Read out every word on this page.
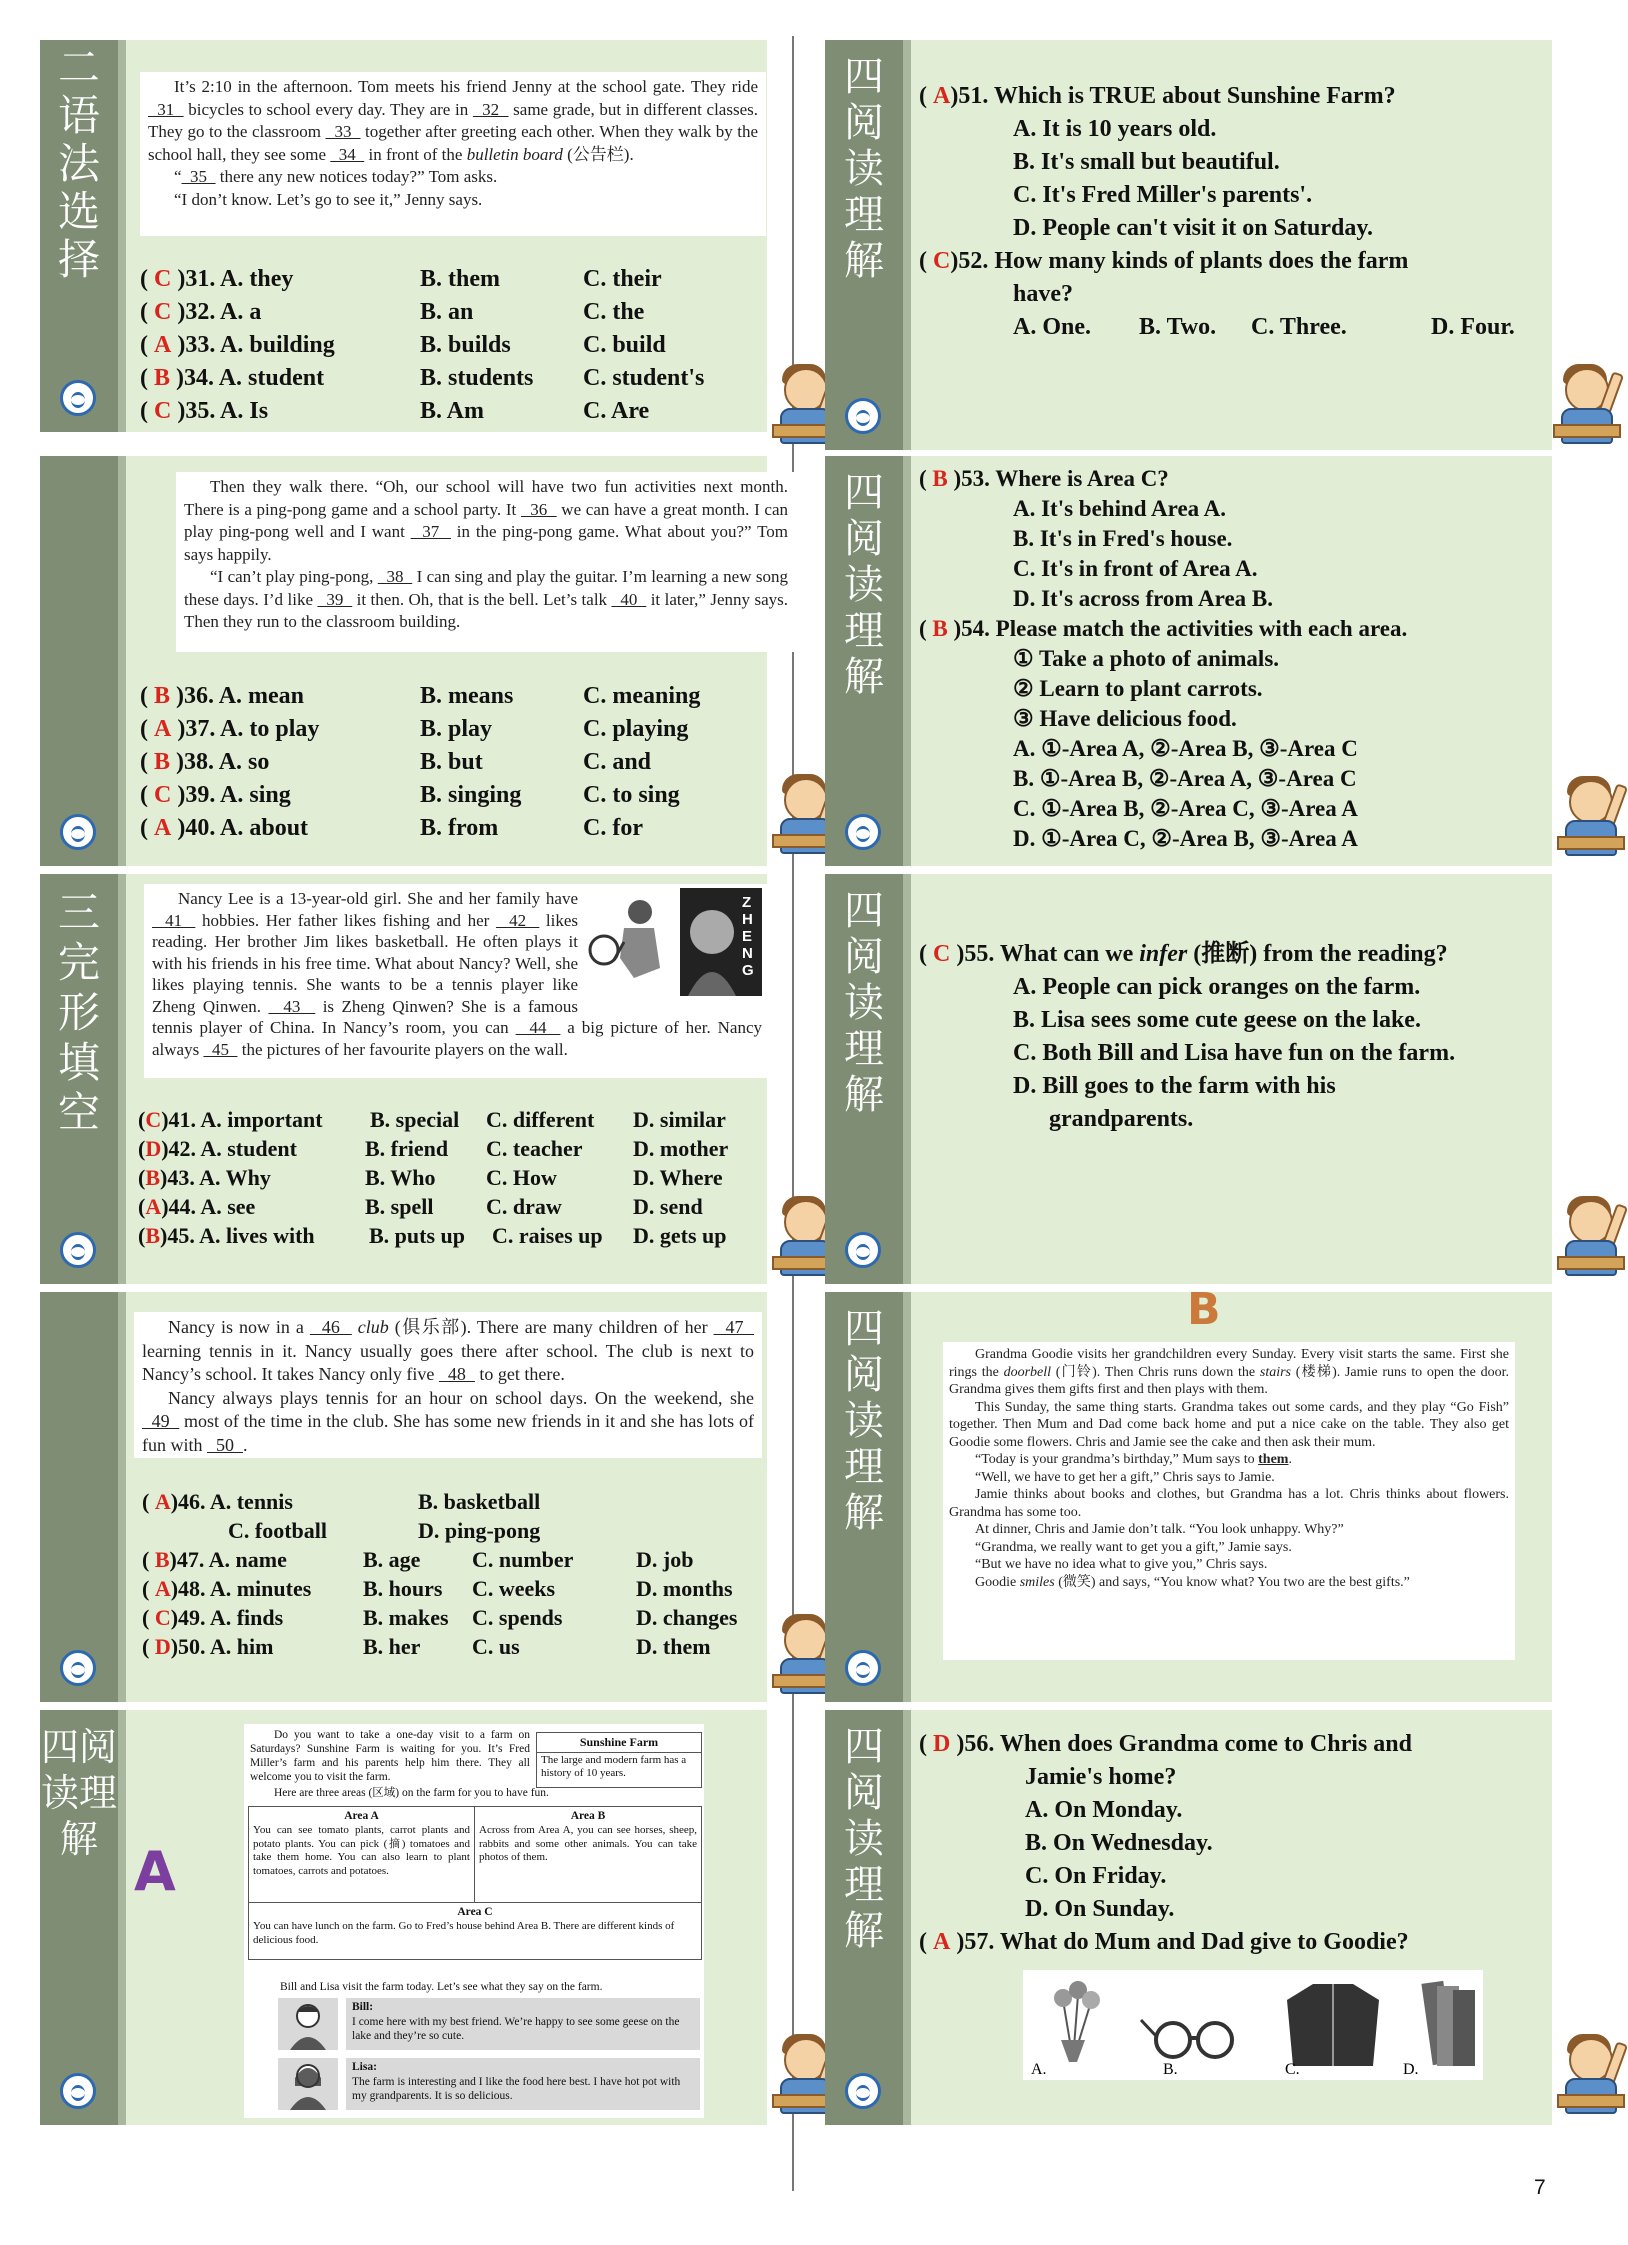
二语法选择

It’s 2:10 in the afternoon. Tom meets his friend Jenny at the school gate. They ride   31   bicycles to school every day. They are in   32   same grade, but in different classes. They go to the classroom   33   together after greeting each other. When they walk by the school hall, they see some   34   in front of the bulletin board (公告栏).

“  35   there any new notices today?” Tom asks.

“I don’t know. Let’s go to see it,” Jenny says.

( C )31. A. they	B. them	C. their
( C )32. A. a	B. an	C. the
( A )33. A. building	B. builds	C. build
( B )34. A. student	B. students C. student's
( C )35. A. Is	B. Am	C. Are

Then they walk there. “Oh, our school will have two fun activities next month. There is a ping-pong game and a school party. It   36   we can have a great month. I can play ping-pong well and I want   37   in the ping-pong game. What about you?” Tom says happily.

“I can’t play ping-pong,   38   I can sing and play the guitar. I’m learning a new song these days. I’d like   39   it then. Oh, that is the bell. Let’s talk   40   it later,” Jenny says. Then they run to the classroom building.

( B )36. A. mean	B. means	C. meaning
( A )37. A. to play	B. play	C. playing
( B )38. A. so	B. but	C. and
( C )39. A. sing	B. singing	C. to sing
( A )40. A. about	B. from	C. for
三完形填空
ZHENG

Nancy Lee is a 13-year-old girl. She and her family have   41   hobbies. Her father likes fishing and her   42   likes reading. Her brother Jim likes basketball. He often plays it with his friends in his free time. What about Nancy? Well, she likes playing tennis. She wants to be a tennis player like Zheng Qinwen.   43   is Zheng Qinwen? She is a famous tennis player of China. In Nancy’s room, you can   44   a big picture of her. Nancy always   45   the pictures of her favourite players on the wall.

(C)41. A. important B. special C. different D. similar
(D)42. A. student	B. friend C. teacher D. mother
(B)43. A. Why	B. Who C. How	D. Where
(A)44. A. see	B. spell C. draw	D. send
(B)45. A. lives with B. puts up C. raises up D. gets up

Nancy is now in a   46   club (俱乐部). There are many children of her   47   learning tennis in it. Nancy usually goes there after school. The club is next to Nancy’s school. It takes Nancy only five   48   to get there.

Nancy always plays tennis for an hour on school days. On the weekend, she   49   most of the time in the club. She has some new friends in it and she has lots of fun with   50  .

( A)46. A. tennis	B. basketball
C. football	D. ping-pong
( B)47. A. name	B. age C. number	D. job
( A)48. A. minutes B. hours C. weeks	D. months
( C)49. A. finds	B. makes C. spends	D. changes
( D)50. A. him	B. her C. us	D. them
四阅读理解
A
Do you want to take a one-day visit to a farm on Saturdays? Sunshine Farm is waiting for you. It’s Fred Miller’s farm and his parents help him there. They all welcome you to visit the farm.
Here are three areas (区域) on the farm for you to have fun.
Sunshine Farm
The large and modern farm has a history of 10 years.
Area A
You can see tomato plants, carrot plants and potato plants. You can pick (摘) tomatoes and take them home. You can also learn to plant tomatoes, carrots and potatoes.
Area B
Across from Area A, you can see horses, sheep, rabbits and some other animals. You can take photos of them.
Area C
You can have lunch on the farm. Go to Fred’s house behind Area B. There are different kinds of delicious food.
Bill and Lisa visit the farm today. Let’s see what they say on the farm.
Bill:
I come here with my best friend. We’re happy to see some geese on the lake and they’re so cute.
Lisa:
The farm is interesting and I like the food here best. I have hot pot with my grandparents. It is so delicious.
四阅读理解
( A)51. Which is TRUE about Sunshine Farm?
A. It is 10 years old.
B. It's small but beautiful.
C. It's Fred Miller's parents'.
D. People can't visit it on Saturday.
( C)52. How many kinds of plants does the farm
have?
A. One. B. Two. C. Three.	D. Four.
四阅读理解
( B )53. Where is Area C?
A. It's behind Area A.
B. It's in Fred's house.
C. It's in front of Area A.
D. It's across from Area B.
( B )54. Please match the activities with each area.
① Take a photo of animals.
② Learn to plant carrots.
③ Have delicious food.
A. ①-Area A, ②-Area B, ③-Area C
B. ①-Area B, ②-Area A, ③-Area C
C. ①-Area B, ②-Area C, ③-Area A
D. ①-Area C, ②-Area B, ③-Area A
四阅读理解
( C )55. What can we infer (推断) from the reading?
A. People can pick oranges on the farm.
B. Lisa sees some cute geese on the lake.
C. Both Bill and Lisa have fun on the farm.
D. Bill goes to the farm with his
grandparents.
四阅读理解
B

Grandma Goodie visits her grandchildren every Sunday. Every visit starts the same. First she rings the doorbell (门铃). Then Chris runs down the stairs (楼梯). Jamie runs to open the door. Grandma gives them gifts first and then plays with them.

This Sunday, the same thing starts. Grandma takes out some cards, and they play “Go Fish” together. Then Mum and Dad come back home and put a nice cake on the table. They also get Goodie some flowers. Chris and Jamie see the cake and then ask their mum.

“Today is your grandma’s birthday,” Mum says to them.

“Well, we have to get her a gift,” Chris says to Jamie.

Jamie thinks about books and clothes, but Grandma has a lot. Chris thinks about flowers. Grandma has some too.

At dinner, Chris and Jamie don’t talk. “You look unhappy. Why?”

“Grandma, we really want to get you a gift,” Jamie says.

“But we have no idea what to give you,” Chris says.

Goodie smiles (微笑) and says, “You know what? You two are the best gifts.”

四阅读理解
( D )56. When does Grandma come to Chris and
Jamie's home?
A. On Monday.
B. On Wednesday.
C. On Friday.
D. On Sunday.
( A )57. What do Mum and Dad give to Goodie?
A.	B.	C.	D.
7
